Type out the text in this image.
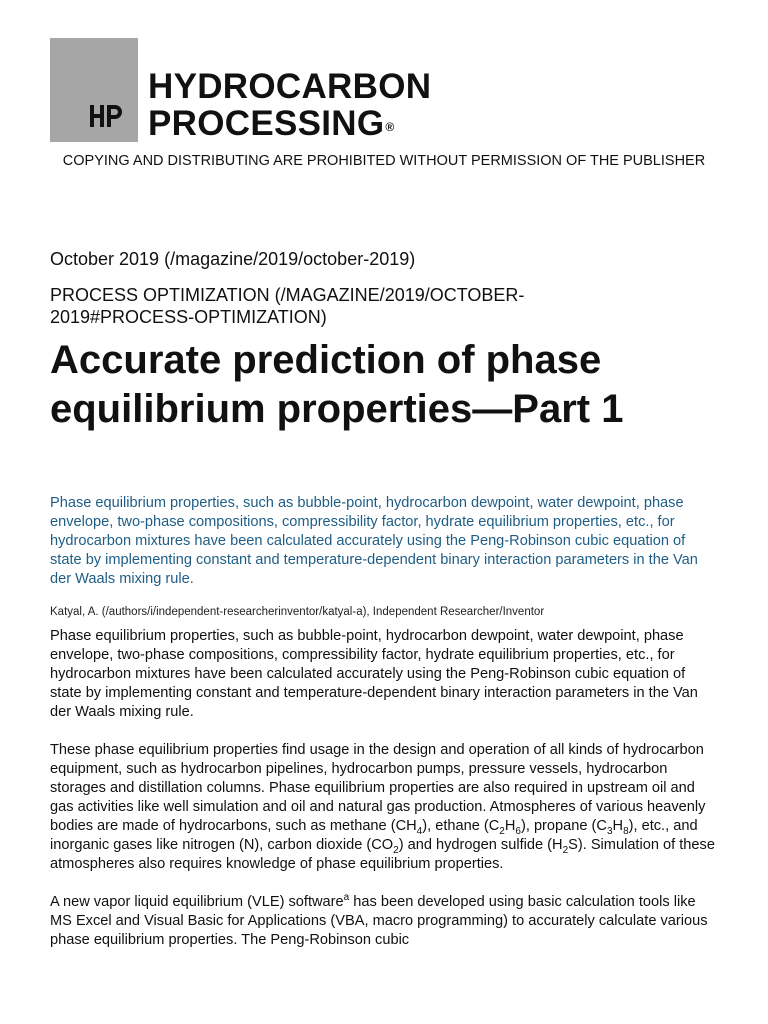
HYDROCARBON
PROCESSING®
COPYING AND DISTRIBUTING ARE PROHIBITED WITHOUT PERMISSION OF THE PUBLISHER
October 2019 (/magazine/2019/october-2019)
PROCESS OPTIMIZATION (/MAGAZINE/2019/OCTOBER-2019#PROCESS-OPTIMIZATION)
Accurate prediction of phase equilibrium properties—Part 1
Phase equilibrium properties, such as bubble-point, hydrocarbon dewpoint, water dewpoint, phase envelope, two-phase compositions, compressibility factor, hydrate equilibrium properties, etc., for hydrocarbon mixtures have been calculated accurately using the Peng-Robinson cubic equation of state by implementing constant and temperature-dependent binary interaction parameters in the Van der Waals mixing rule.
Katyal, A. (/authors/i/independent-researcherinventor/katyal-a), Independent Researcher/Inventor

Phase equilibrium properties, such as bubble-point, hydrocarbon dewpoint, water dewpoint, phase envelope, two-phase compositions, compressibility factor, hydrate equilibrium properties, etc., for hydrocarbon mixtures have been calculated accurately using the Peng-Robinson cubic equation of state by implementing constant and temperature-dependent binary interaction parameters in the Van der Waals mixing rule.

These phase equilibrium properties find usage in the design and operation of all kinds of hydrocarbon equipment, such as hydrocarbon pipelines, hydrocarbon pumps, pressure vessels, hydrocarbon storages and distillation columns. Phase equilibrium properties are also required in upstream oil and gas activities like well simulation and oil and natural gas production. Atmospheres of various heavenly bodies are made of hydrocarbons, such as methane $(CH_4)$, ethane $(C_2H_6)$, propane $(C_3H_8)$, etc., and inorganic gases like nitrogen (N), carbon dioxide $(CO_2)$ and hydrogen sulfide $(H_2S)$. Simulation of these atmospheres also requires knowledge of phase equilibrium properties.

A new vapor liquid equilibrium (VLE) software$^a$ has been developed using basic calculation tools like MS Excel and Visual Basic for Applications (VBA, macro programming) to accurately calculate various phase equilibrium properties. The Peng-Robinson cubic
